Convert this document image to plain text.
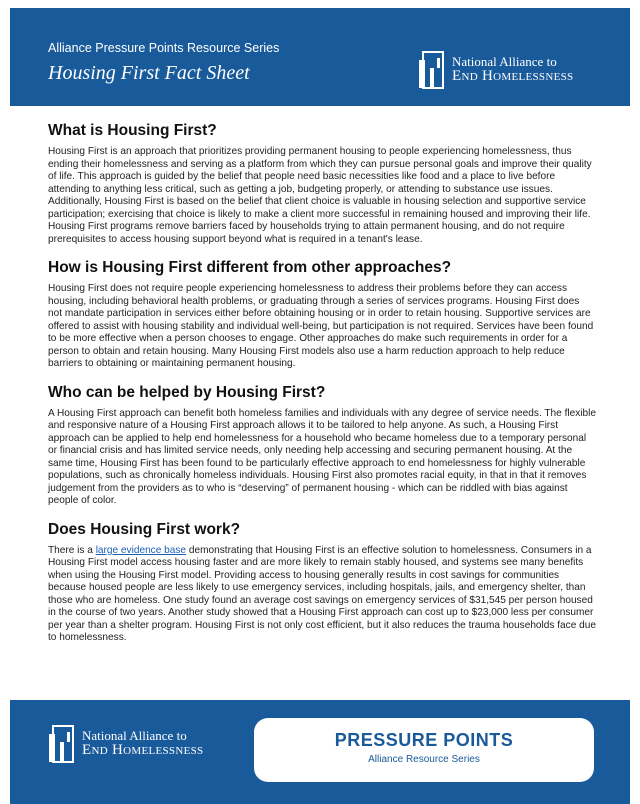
Alliance Pressure Points Resource Series
Housing First Fact Sheet
National Alliance to
End Homelessness
What is Housing First?

Housing First is an approach that prioritizes providing permanent housing to people experiencing homelessness, thus ending their homelessness and serving as a platform from which they can pursue personal goals and improve their quality of life. This approach is guided by the belief that people need basic necessities like food and a place to live before attending to anything less critical, such as getting a job, budgeting properly, or attending to substance use issues. Additionally, Housing First is based on the belief that client choice is valuable in housing selection and supportive service participation; exercising that choice is likely to make a client more successful in remaining housed and improving their life. Housing First programs remove barriers faced by households trying to attain permanent housing, and do not require prerequisites to access housing support beyond what is required in a tenant's lease.

How is Housing First different from other approaches?

Housing First does not require people experiencing homelessness to address their problems before they can access housing, including behavioral health problems, or graduating through a series of services programs. Housing First does not mandate participation in services either before obtaining housing or in order to retain housing. Supportive services are offered to assist with housing stability and individual well-being, but participation is not required. Services have been found to be more effective when a person chooses to engage. Other approaches do make such requirements in order for a person to obtain and retain housing. Many Housing First models also use a harm reduction approach to help reduce barriers to obtaining or maintaining permanent housing.

Who can be helped by Housing First?

A Housing First approach can benefit both homeless families and individuals with any degree of service needs. The flexible and responsive nature of a Housing First approach allows it to be tailored to help anyone. As such, a Housing First approach can be applied to help end homelessness for a household who became homeless due to a temporary personal or financial crisis and has limited service needs, only needing help accessing and securing permanent housing. At the same time, Housing First has been found to be particularly effective approach to end homelessness for highly vulnerable populations, such as chronically homeless individuals. Housing First also promotes racial equity, in that in that it removes judgement from the providers as to who is “deserving” of permanent housing - which can be riddled with bias against people of color.

Does Housing First work?

There is a large evidence base demonstrating that Housing First is an effective solution to homelessness. Consumers in a Housing First model access housing faster and are more likely to remain stably housed, and systems see many benefits when using the Housing First model. Providing access to housing generally results in cost savings for communities because housed people are less likely to use emergency services, including hospitals, jails, and emergency shelter, than those who are homeless. One study found an average cost savings on emergency services of $31,545 per person housed in the course of two years. Another study showed that a Housing First approach can cost up to $23,000 less per consumer per year than a shelter program. Housing First is not only cost efficient, but it also reduces the trauma households face due to homelessness.

National Alliance to
End Homelessness	PRESSURE POINTS
Alliance Resource Series
